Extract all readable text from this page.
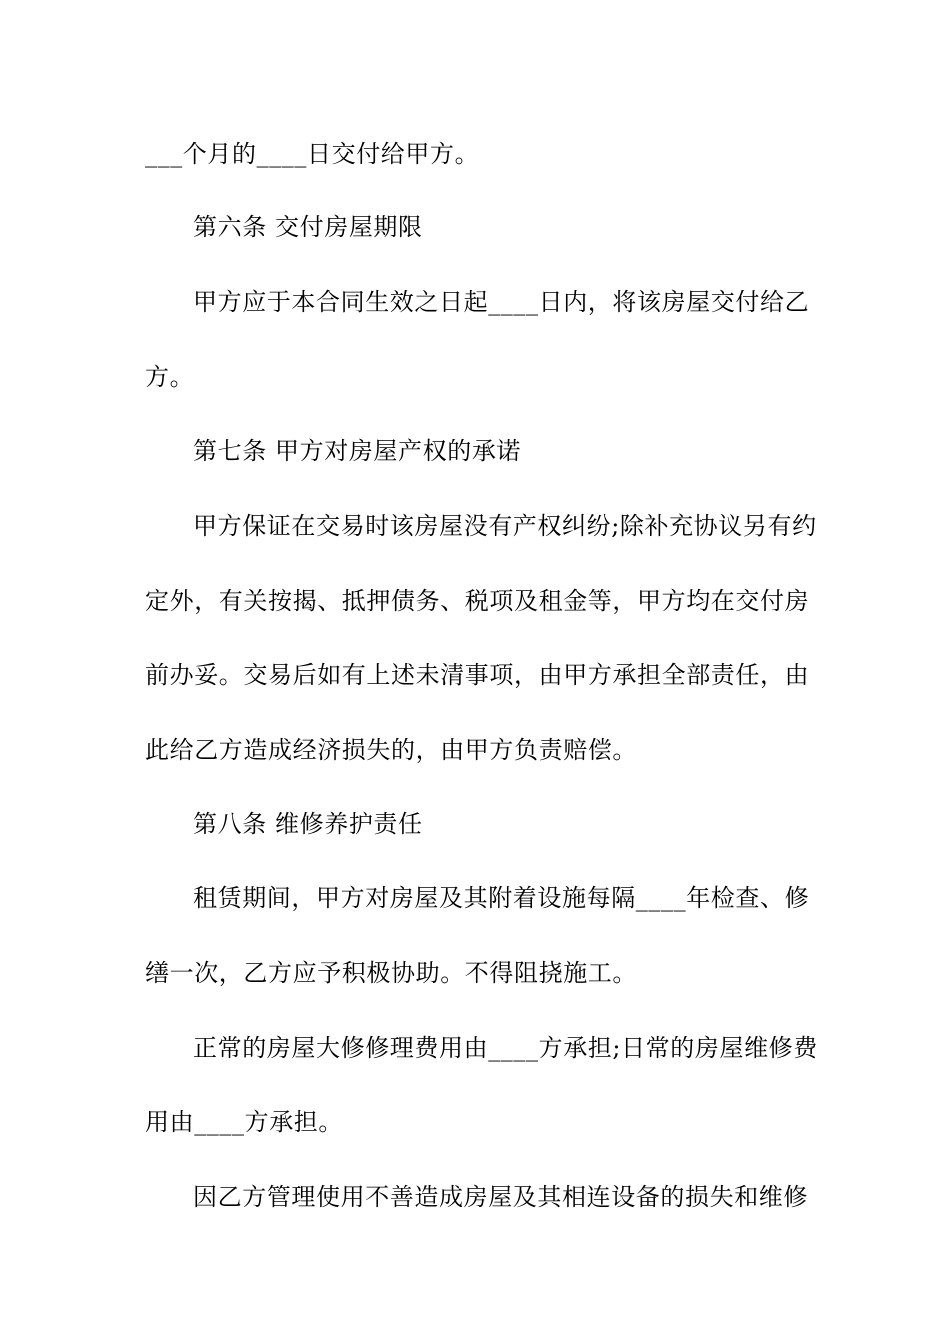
___个月的____日交付给甲方。
第六条 交付房屋期限
甲方应于本合同生效之日起____日内，将该房屋交付给乙
方。
第七条 甲方对房屋产权的承诺
甲方保证在交易时该房屋没有产权纠纷;除补充协议另有约
定外，有关按揭、抵押债务、税项及租金等，甲方均在交付房
前办妥。交易后如有上述未清事项，由甲方承担全部责任，由
此给乙方造成经济损失的，由甲方负责赔偿。
第八条 维修养护责任
租赁期间，甲方对房屋及其附着设施每隔____年检查、修
缮一次，乙方应予积极协助。不得阻挠施工。
正常的房屋大修修理费用由____方承担;日常的房屋维修费
用由____方承担。
因乙方管理使用不善造成房屋及其相连设备的损失和维修
